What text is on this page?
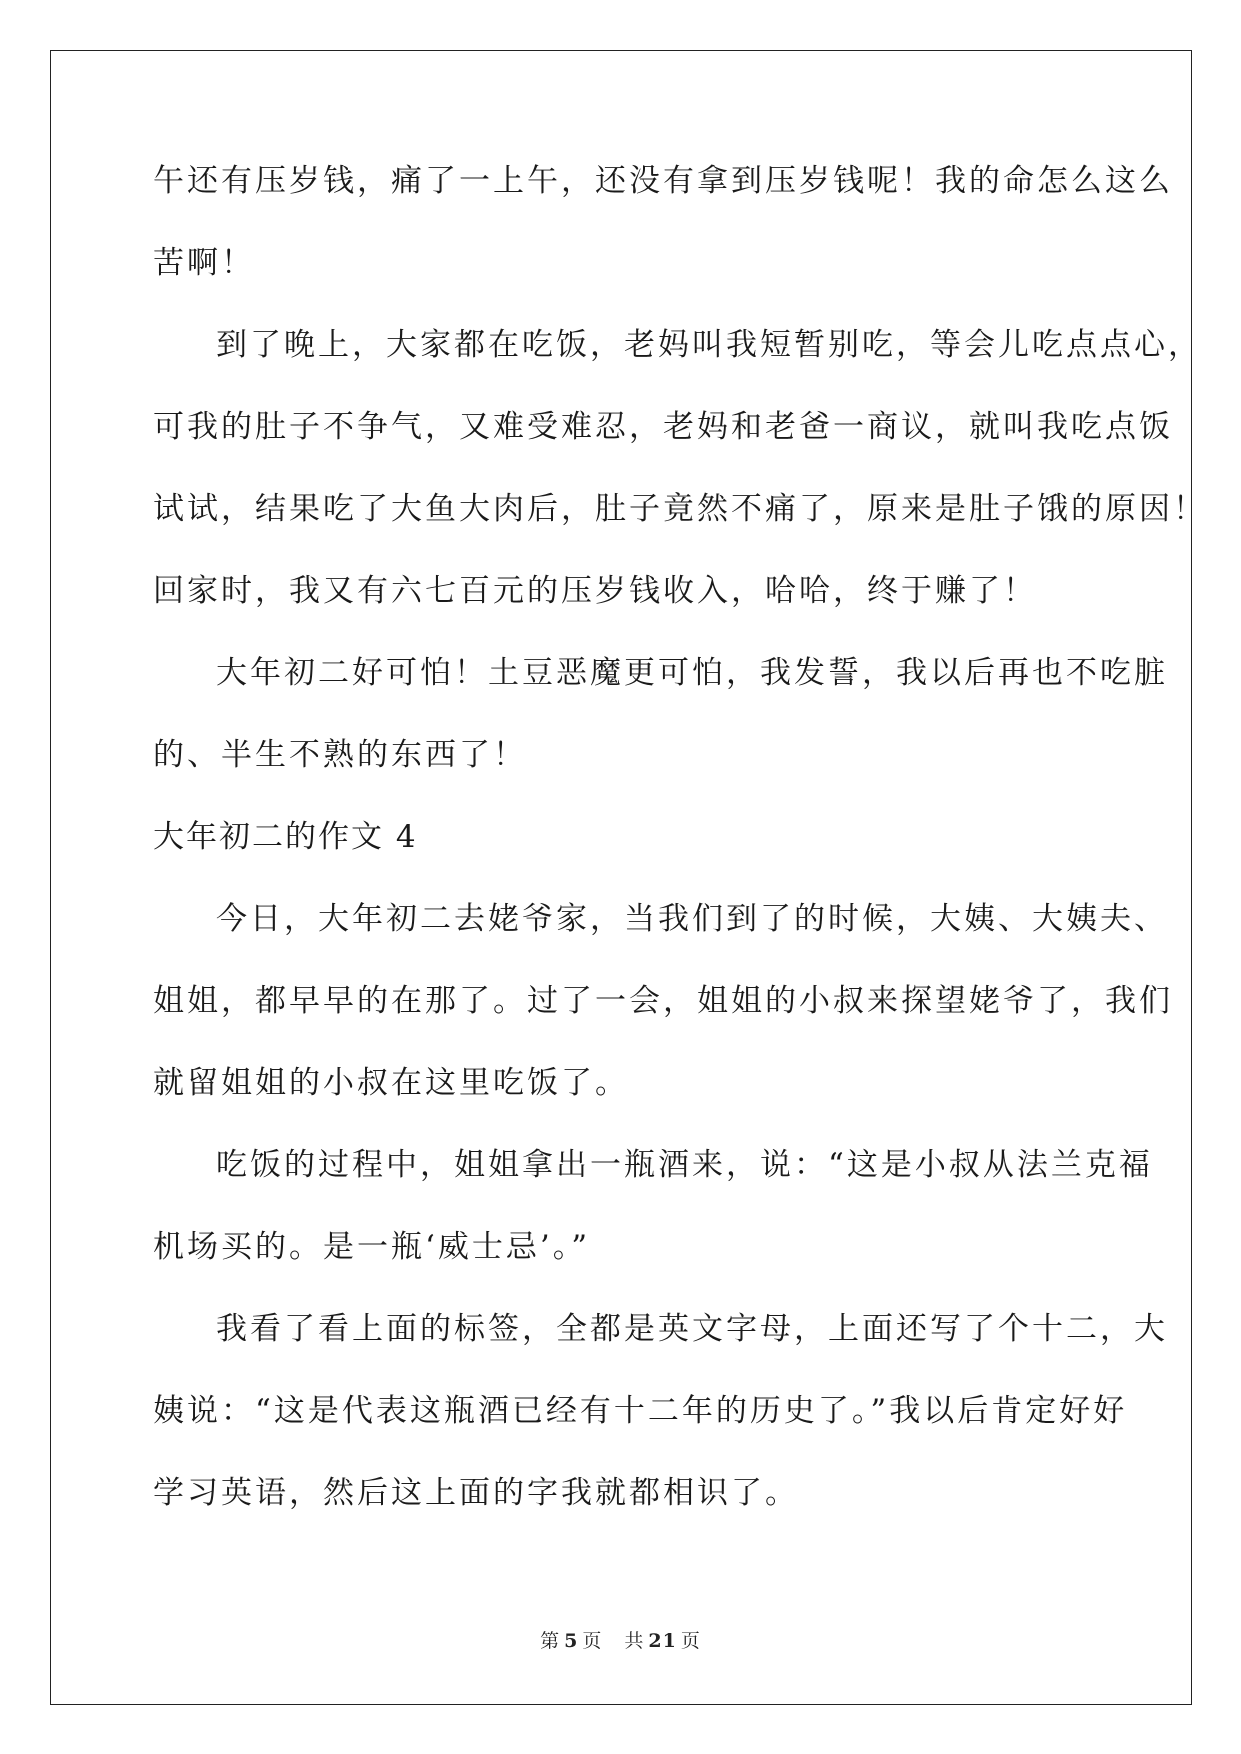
午还有压岁钱，痛了一上午，还没有拿到压岁钱呢！我的命怎么这么
苦啊！
到了晚上，大家都在吃饭，老妈叫我短暂别吃，等会儿吃点点心，
可我的肚子不争气，又难受难忍，老妈和老爸一商议，就叫我吃点饭
试试，结果吃了大鱼大肉后，肚子竟然不痛了，原来是肚子饿的原因！
回家时，我又有六七百元的压岁钱收入，哈哈，终于赚了！
大年初二好可怕！土豆恶魔更可怕，我发誓，我以后再也不吃脏
的、半生不熟的东西了！
大年初二的作文 4
今日，大年初二去姥爷家，当我们到了的时候，大姨、大姨夫、
姐姐，都早早的在那了。过了一会，姐姐的小叔来探望姥爷了，我们
就留姐姐的小叔在这里吃饭了。
吃饭的过程中，姐姐拿出一瓶酒来，说：“这是小叔从法兰克福
机场买的。是一瓶‘威士忌’。”
我看了看上面的标签，全都是英文字母，上面还写了个十二，大
姨说：“这是代表这瓶酒已经有十二年的历史了。”我以后肯定好好
学习英语，然后这上面的字我就都相识了。
第 5 页 共 21 页
